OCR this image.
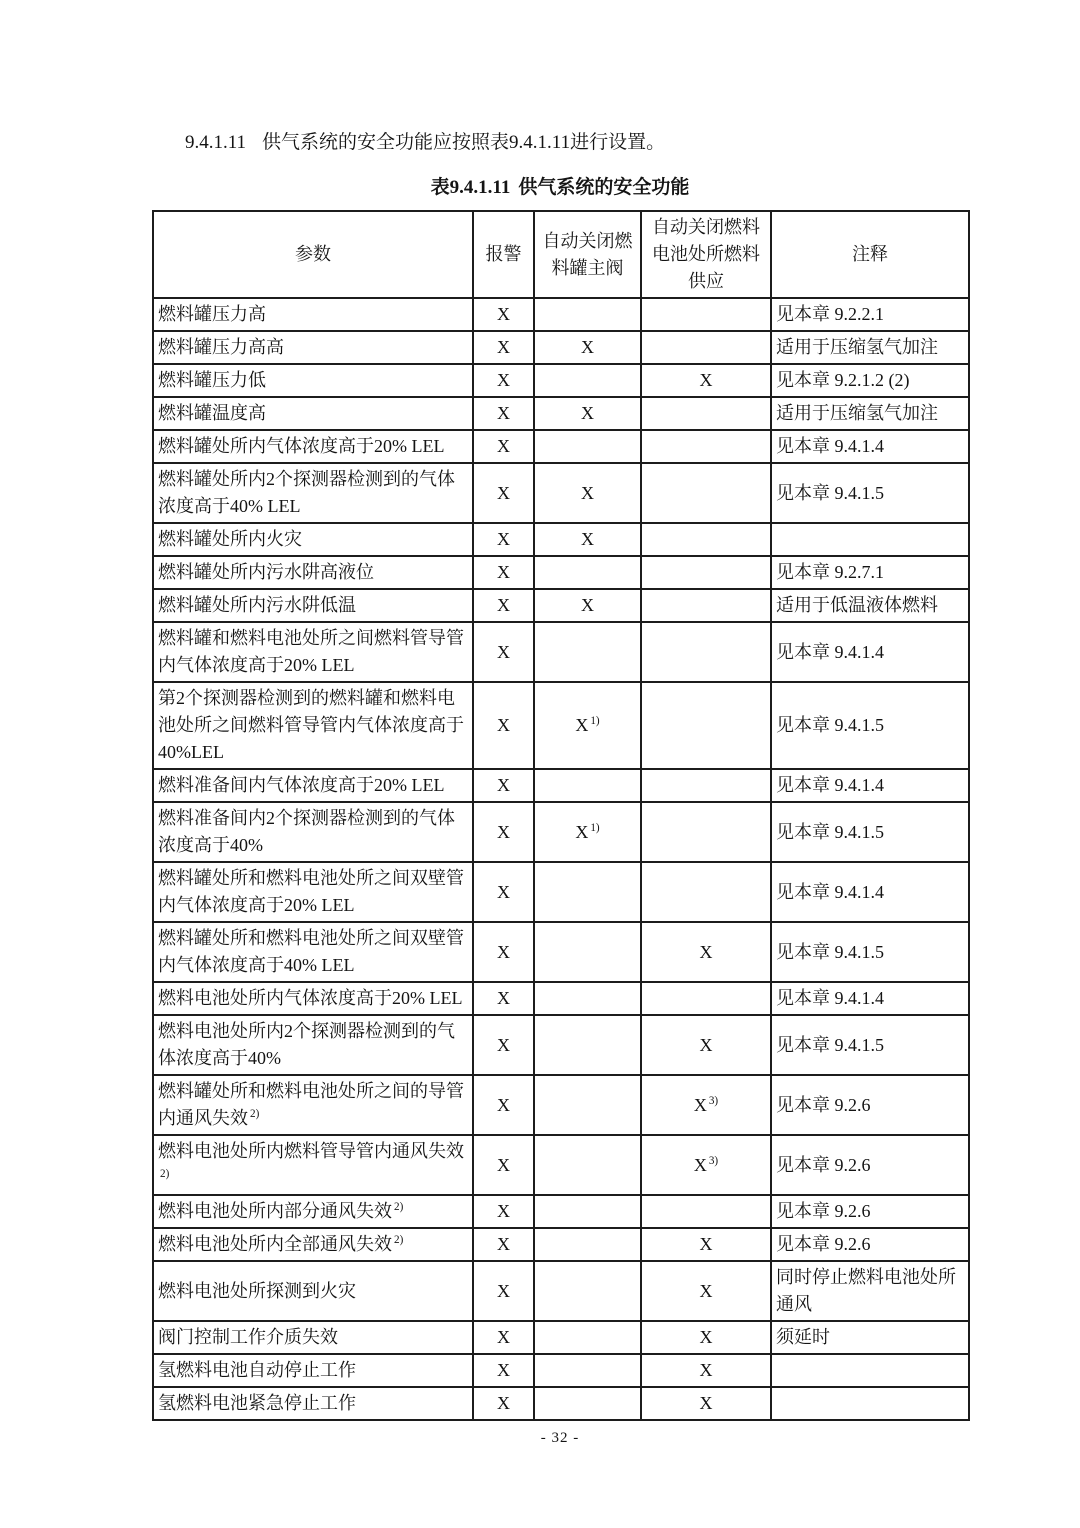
9.4.1.11 供气系统的安全功能应按照表9.4.1.11进行设置。

表9.4.1.11 供气系统的安全功能
参数	报警	自动关闭燃料罐主阀	自动关闭燃料电池处所燃料供应	注释
燃料罐压力高	X			见本章 9.2.2.1
燃料罐压力高高	X	X		适用于压缩氢气加注
燃料罐压力低	X		X	见本章 9.2.1.2 (2)
燃料罐温度高	X	X		适用于压缩氢气加注
燃料罐处所内气体浓度高于20% LEL	X			见本章 9.4.1.4
燃料罐处所内2个探测器检测到的气体浓度高于40% LEL	X	X		见本章 9.4.1.5
燃料罐处所内火灾	X	X		
燃料罐处所内污水阱高液位	X			见本章 9.2.7.1
燃料罐处所内污水阱低温	X	X		适用于低温液体燃料
燃料罐和燃料电池处所之间燃料管导管内气体浓度高于20% LEL	X			见本章 9.4.1.4
第2个探测器检测到的燃料罐和燃料电池处所之间燃料管导管内气体浓度高于40%LEL	X	X $^{1)}$		见本章 9.4.1.5
燃料准备间内气体浓度高于20% LEL	X			见本章 9.4.1.4
燃料准备间内2个探测器检测到的气体浓度高于40%	X	X $^{1)}$		见本章 9.4.1.5
燃料罐处所和燃料电池处所之间双壁管内气体浓度高于20% LEL	X			见本章 9.4.1.4
燃料罐处所和燃料电池处所之间双壁管内气体浓度高于40% LEL	X		X	见本章 9.4.1.5
燃料电池处所内气体浓度高于20% LEL	X			见本章 9.4.1.4
燃料电池处所内2个探测器检测到的气体浓度高于40%	X		X	见本章 9.4.1.5
燃料罐处所和燃料电池处所之间的导管内通风失效 $^{2)}$	X		X $^{3)}$	见本章 9.2.6
燃料电池处所内燃料管导管内通风失效$^{2)}$	X		X $^{3)}$	见本章 9.2.6
燃料电池处所内部分通风失效 $^{2)}$	X			见本章 9.2.6
燃料电池处所内全部通风失效 $^{2)}$	X		X	见本章 9.2.6
燃料电池处所探测到火灾	X		X	同时停止燃料电池处所通风
阀门控制工作介质失效	X		X	须延时
氢燃料电池自动停止工作	X		X	
氢燃料电池紧急停止工作	X		X	
- 32 -
